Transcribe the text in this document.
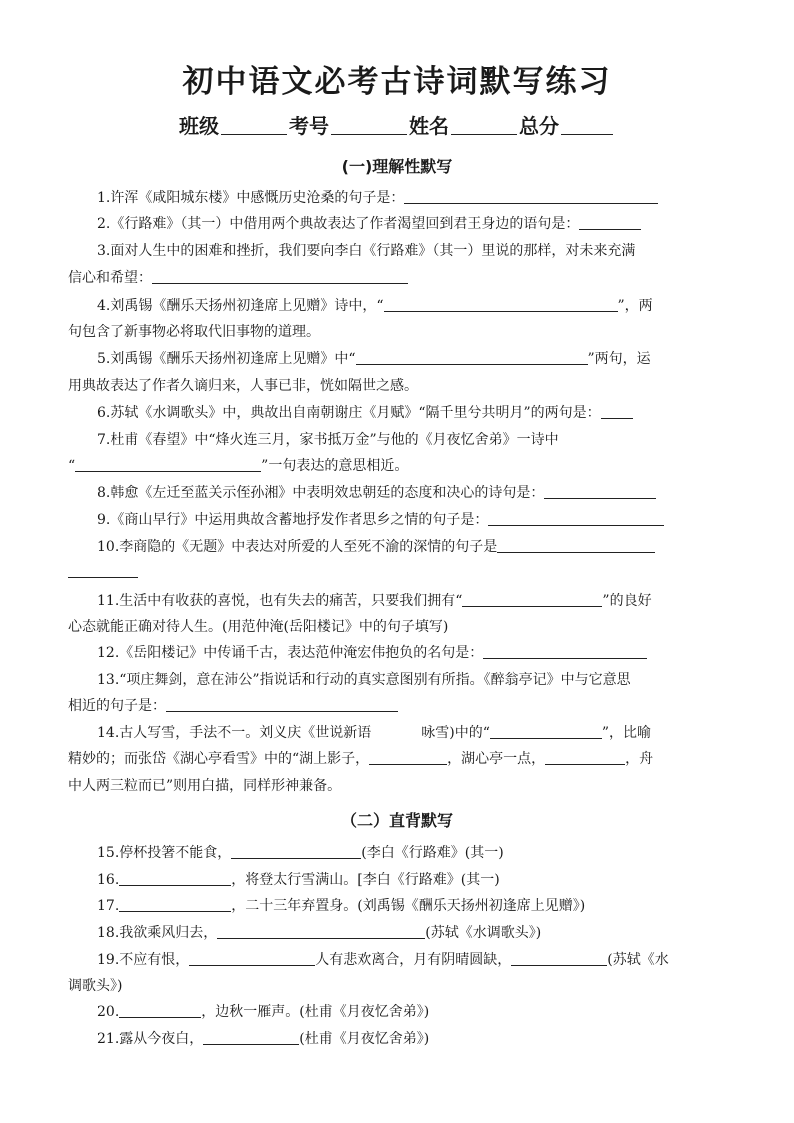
初中语文必考古诗词默写练习
班级	考号	姓名	总分
(一)理解性默写
1.许浑《咸阳城东楼》中感慨历史沧桑的句子是：
2.《行路难》（其一）中借用两个典故表达了作者渴望回到君王身边的语句是：
3.面对人生中的困难和挫折，我们要向李白《行路难》（其一）里说的那样，对未来充满
信心和希望：
4.刘禹锡《酬乐天扬州初逢席上见赠》诗中，“	”，两
句包含了新事物必将取代旧事物的道理。
5.刘禹锡《酬乐天扬州初逢席上见赠》中“	”两句，运
用典故表达了作者久谪归来，人事已非，恍如隔世之感。
6.苏轼《水调歌头》中，典故出自南朝谢庄《月赋》“隔千里兮共明月”的两句是：
7.杜甫《春望》中“烽火连三月，家书抵万金”与他的《月夜忆舍弟》一诗中
“	”一句表达的意思相近。
8.韩愈《左迁至蓝关示侄孙湘》中表明效忠朝廷的态度和决心的诗句是：
9.《商山早行》中运用典故含蓄地抒发作者思乡之情的句子是：
10.李商隐的《无题》中表达对所爱的人至死不渝的深情的句子是
11.生活中有收获的喜悦，也有失去的痛苦，只要我们拥有“	”的良好
心态就能正确对待人生。(用范仲淹(岳阳楼记》中的句子填写)
12.《岳阳楼记》中传诵千古，表达范仲淹宏伟抱负的名句是：
13.“项庄舞剑，意在沛公”指说话和行动的真实意图别有所指。《醉翁亭记》中与它意思
相近的句子是：
14.古人写雪，手法不一。刘义庆《世说新语	咏雪)中的“	”，比喻
精妙的；而张岱《湖心亭看雪》中的“湖上影子，	，湖心亭一点，	，舟
中人两三粒而已”则用白描，同样形神兼备。
（二）直背默写
15.停杯投箸不能食，	(李白《行路难》(其一)
16.	，将登太行雪满山。[李白《行路难》(其一)
17.	，二十三年弃置身。(刘禹锡《酬乐天扬州初逢席上见赠》)
18.我欲乘风归去，	(苏轼《水调歌头》)
19.不应有恨，	人有悲欢离合，月有阴晴圆缺，	(苏轼《水
调歌头》)
20.	，边秋一雁声。(杜甫《月夜忆舍弟》)
21.露从今夜白，	(杜甫《月夜忆舍弟》)
